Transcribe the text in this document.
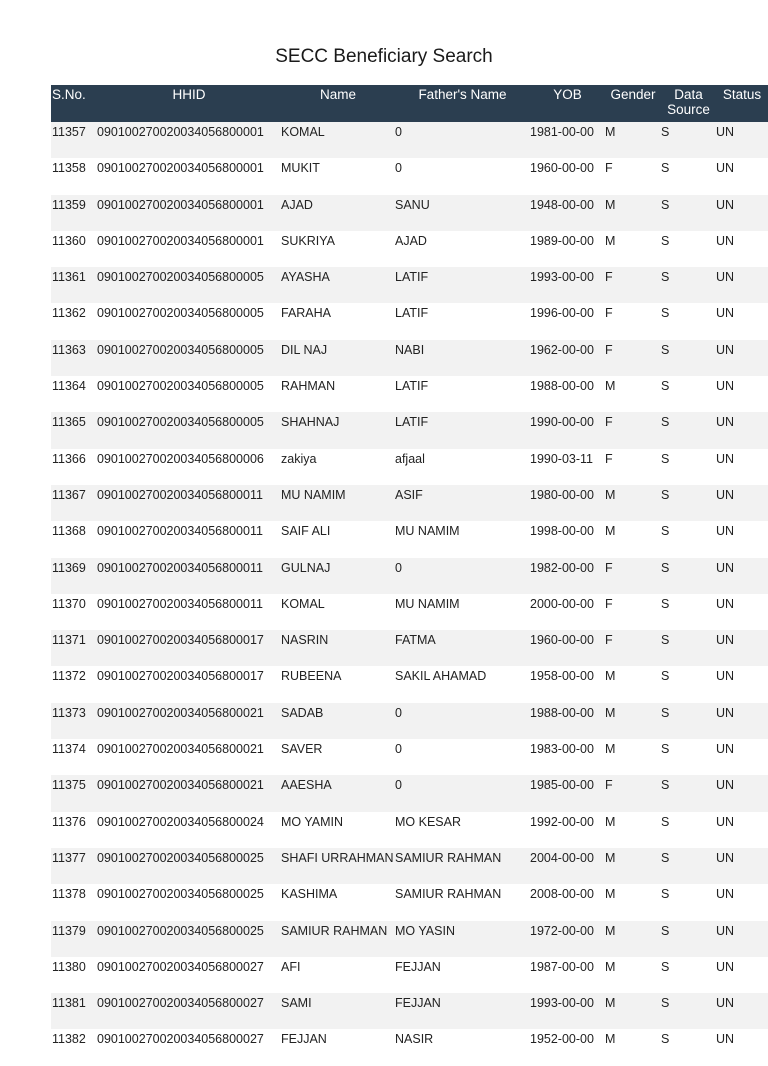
SECC Beneficiary Search
S.No.	HHID	Name	Father's Name	YOB	Gender	Data Source	Status
11357	090100270020034056800001	KOMAL	0	1981-00-00	M	S	UN
11358	090100270020034056800001	MUKIT	0	1960-00-00	F	S	UN
11359	090100270020034056800001	AJAD	SANU	1948-00-00	M	S	UN
11360	090100270020034056800001	SUKRIYA	AJAD	1989-00-00	M	S	UN
11361	090100270020034056800005	AYASHA	LATIF	1993-00-00	F	S	UN
11362	090100270020034056800005	FARAHA	LATIF	1996-00-00	F	S	UN
11363	090100270020034056800005	DIL NAJ	NABI	1962-00-00	F	S	UN
11364	090100270020034056800005	RAHMAN	LATIF	1988-00-00	M	S	UN
11365	090100270020034056800005	SHAHNAJ	LATIF	1990-00-00	F	S	UN
11366	090100270020034056800006	zakiya	afjaal	1990-03-11	F	S	UN
11367	090100270020034056800011	MU NAMIM	ASIF	1980-00-00	M	S	UN
11368	090100270020034056800011	SAIF ALI	MU NAMIM	1998-00-00	M	S	UN
11369	090100270020034056800011	GULNAJ	0	1982-00-00	F	S	UN
11370	090100270020034056800011	KOMAL	MU NAMIM	2000-00-00	F	S	UN
11371	090100270020034056800017	NASRIN	FATMA	1960-00-00	F	S	UN
11372	090100270020034056800017	RUBEENA	SAKIL AHAMAD	1958-00-00	M	S	UN
11373	090100270020034056800021	SADAB	0	1988-00-00	M	S	UN
11374	090100270020034056800021	SAVER	0	1983-00-00	M	S	UN
11375	090100270020034056800021	AAESHA	0	1985-00-00	F	S	UN
11376	090100270020034056800024	MO YAMIN	MO KESAR	1992-00-00	M	S	UN
11377	090100270020034056800025	SHAFI URRAHMAN	SAMIUR RAHMAN	2004-00-00	M	S	UN
11378	090100270020034056800025	KASHIMA	SAMIUR RAHMAN	2008-00-00	M	S	UN
11379	090100270020034056800025	SAMIUR RAHMAN	MO YASIN	1972-00-00	M	S	UN
11380	090100270020034056800027	AFI	FEJJAN	1987-00-00	M	S	UN
11381	090100270020034056800027	SAMI	FEJJAN	1993-00-00	M	S	UN
11382	090100270020034056800027	FEJJAN	NASIR	1952-00-00	M	S	UN
